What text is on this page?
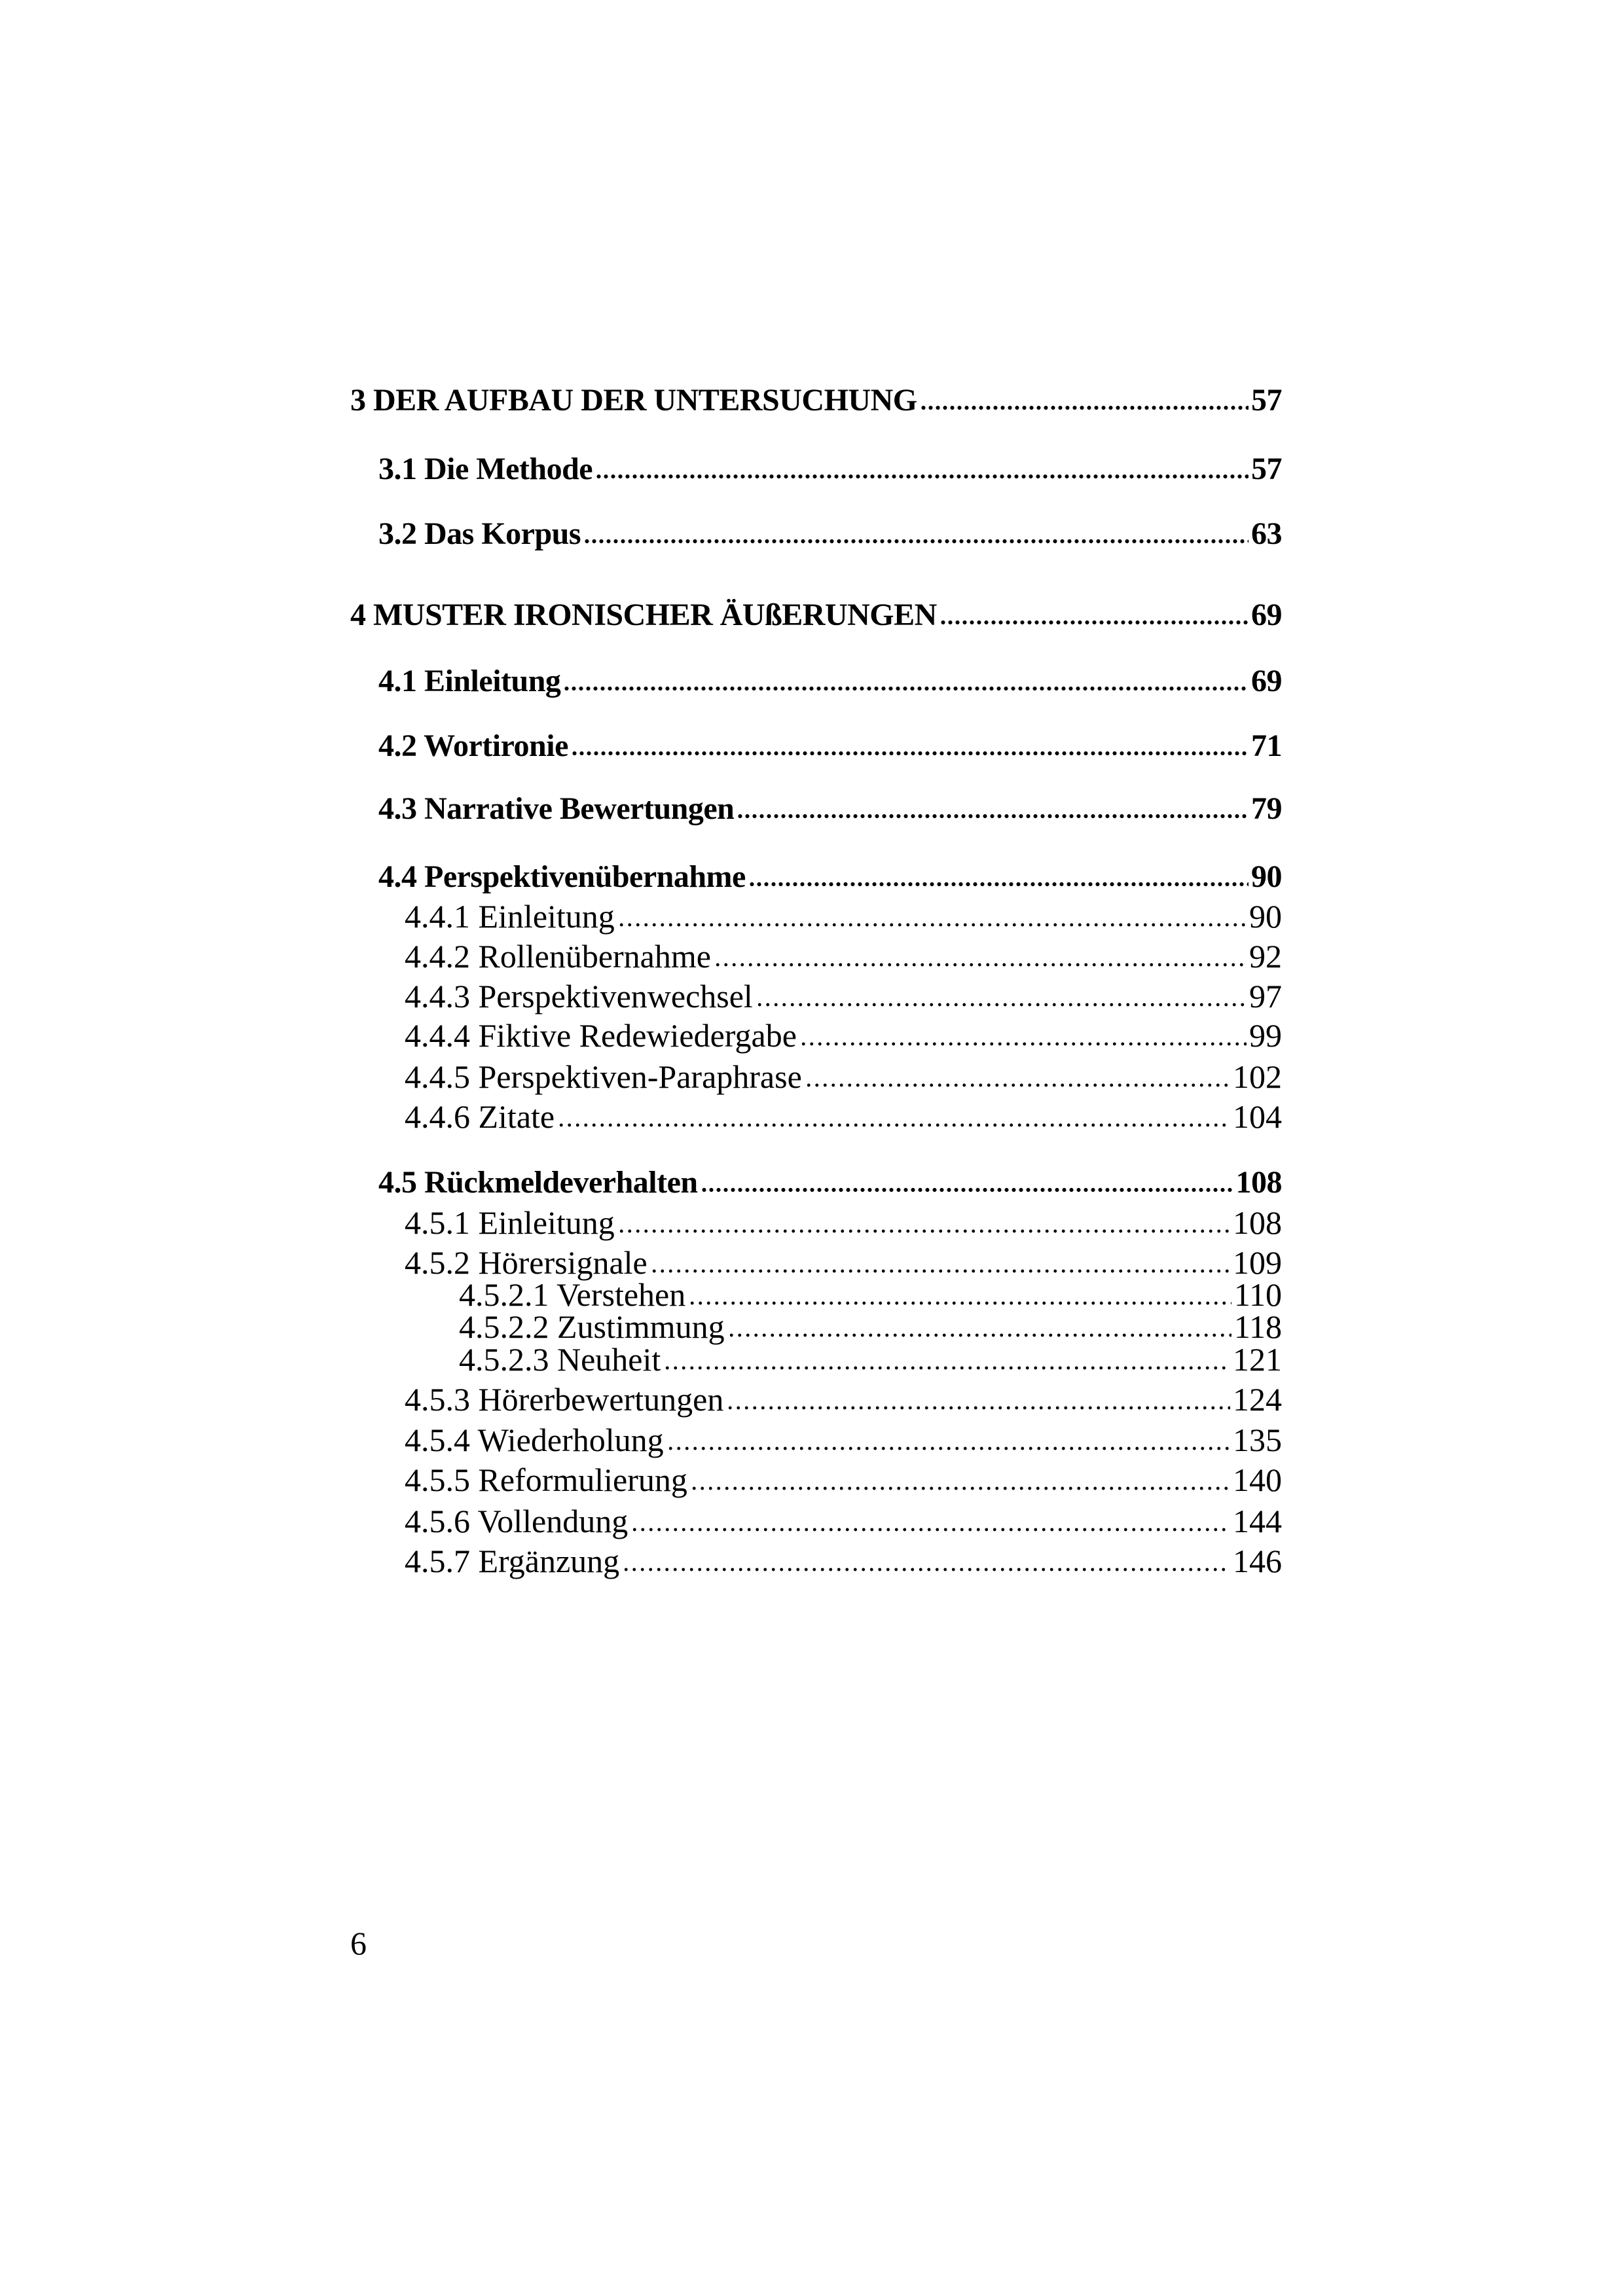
3 DER AUFBAU DER UNTERSUCHUNG	57
3.1 Die Methode	57
3.2 Das Korpus	63
4 MUSTER IRONISCHER ÄUßERUNGEN	69
4.1 Einleitung	69
4.2 Wortironie	71
4.3 Narrative Bewertungen	79
4.4 Perspektivenübernahme	90
4.4.1 Einleitung	90
4.4.2 Rollenübernahme	92
4.4.3 Perspektivenwechsel	97
4.4.4 Fiktive Redewiedergabe	99
4.4.5 Perspektiven-Paraphrase	102
4.4.6 Zitate	104
4.5 Rückmeldeverhalten	108
4.5.1 Einleitung	108
4.5.2 Hörersignale	109
4.5.2.1 Verstehen	110
4.5.2.2 Zustimmung	118
4.5.2.3 Neuheit	121
4.5.3 Hörerbewertungen	124
4.5.4 Wiederholung	135
4.5.5 Reformulierung	140
4.5.6 Vollendung	144
4.5.7 Ergänzung	146
6
